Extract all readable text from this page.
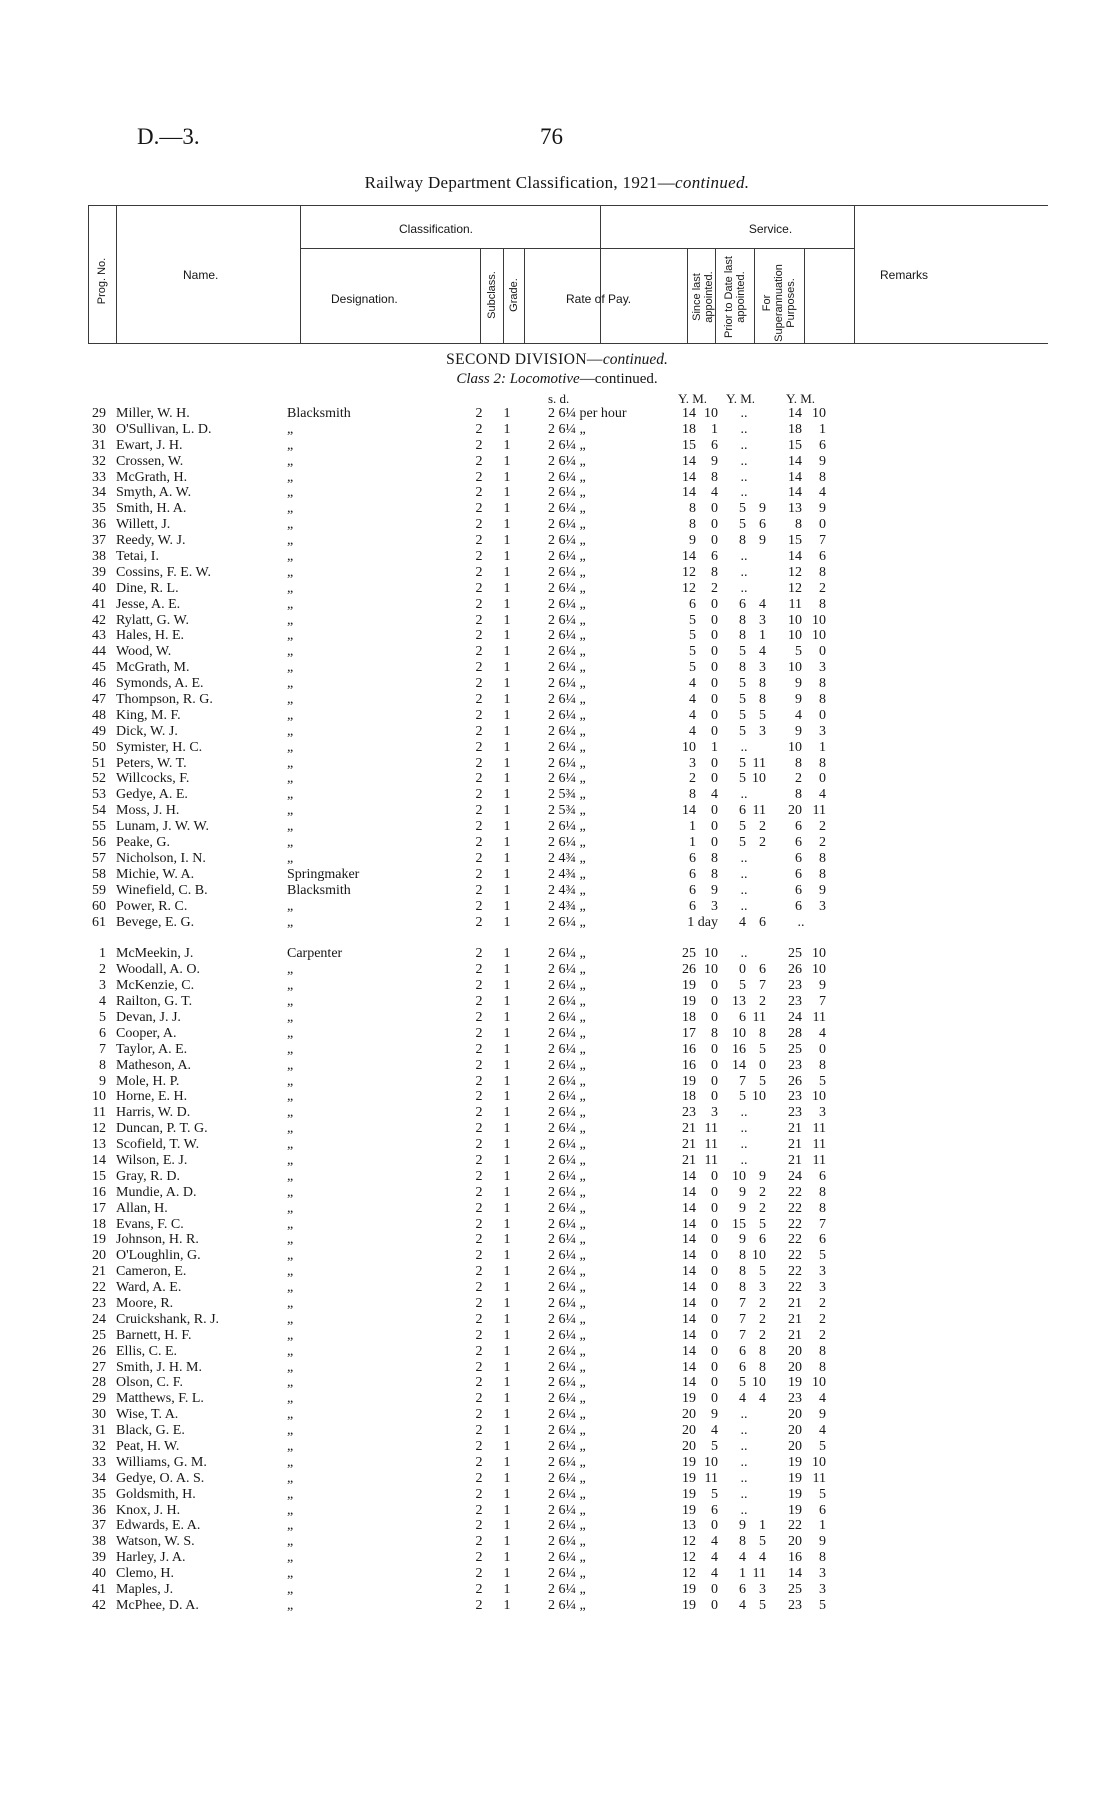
D.—3.	76
Railway Department Classification, 1921—continued.
Prog. No.	Name.
Classification.
Designation.	Subclass. Grade.	Rate of Pay.
Service.
Since last appointed. Prior to Date last appointed. For Superannuation Purposes.
Remarks
SECOND DIVISION—continued.
Class 2: Locomotive—continued.
s. d.	Y. M. Y. M. Y. M.
29 Miller, W. H.	Blacksmith	2 1	2 6¼ per hour	14 10	..	14 10
30 O'Sullivan, L. D.	„	2 1	2 6¼ „	18	1	..	18	1
31 Ewart, J. H.	„	2 1	2 6¼ „	15	6	..	15	6
32 Crossen, W.	„	2 1	2 6¼ „	14	9	..	14	9
33 McGrath, H.	„	2 1	2 6¼ „	14	8	..	14	8
34 Smyth, A. W.	„	2 1	2 6¼ „	14	4	..	14	4
35 Smith, H. A.	„	2 1	2 6¼ „	8	0	5 9	13	9
36 Willett, J.	„	2 1	2 6¼ „	8	0	5 6	8	0
37 Reedy, W. J.	„	2 1	2 6¼ „	9	0	8 9	15	7
38 Tetai, I.	„	2 1	2 6¼ „	14	6	..	14	6
39 Cossins, F. E. W.	„	2 1	2 6¼ „	12	8	..	12	8
40 Dine, R. L.	„	2 1	2 6¼ „	12	2	..	12	2
41 Jesse, A. E.	„	2 1	2 6¼ „	6	0	6 4	11	8
42 Rylatt, G. W.	„	2 1	2 6¼ „	5	0	8 3	10 10
43 Hales, H. E.	„	2 1	2 6¼ „	5	0	8 1	10 10
44 Wood, W.	„	2 1	2 6¼ „	5	0	5 4	5	0
45 McGrath, M.	„	2 1	2 6¼ „	5	0	8 3	10	3
46 Symonds, A. E.	„	2 1	2 6¼ „	4	0	5 8	9	8
47 Thompson, R. G.	„	2 1	2 6¼ „	4	0	5 8	9	8
48 King, M. F.	„	2 1	2 6¼ „	4	0	5 5	4	0
49 Dick, W. J.	„	2 1	2 6¼ „	4	0	5 3	9	3
50 Symister, H. C.	„	2 1	2 6¼ „	10	1	..	10	1
51 Peters, W. T.	„	2 1	2 6¼ „	3	0	5 11	8	8
52 Willcocks, F.	„	2 1	2 6¼ „	2	0	5 10	2	0
53 Gedye, A. E.	„	2 1	2 5¾ „	8	4	..	8	4
54 Moss, J. H.	„	2 1	2 5¾ „	14	0	6 11	20 11
55 Lunam, J. W. W.	„	2 1	2 6¼ „	1	0	5 2	6	2
56 Peake, G.	„	2 1	2 6¼ „	1	0	5 2	6	2
57 Nicholson, I. N.	„	2 1	2 4¾ „	6	8	..	6	8
58 Michie, W. A.	Springmaker	2 1	2 4¾ „	6	8	..	6	8
59 Winefield, C. B.	Blacksmith	2 1	2 4¾ „	6	9	..	6	9
60 Power, R. C.	„	2 1	2 4¾ „	6	3	..	6	3
61 Bevege, E. G.	„	2 1	2 6¼ „	1 day	4 6	..
1 McMeekin, J.	Carpenter	2 1	2 6¼ „	25 10	..	25 10
2 Woodall, A. O.	„	2 1	2 6¼ „	26 10	0 6	26 10
3 McKenzie, C.	„	2 1	2 6¼ „	19	0	5 7	23	9
4 Railton, G. T.	„	2 1	2 6¼ „	19	0	13 2	23	7
5 Devan, J. J.	„	2 1	2 6¼ „	18	0	6 11	24 11
6 Cooper, A.	„	2 1	2 6¼ „	17	8	10 8	28	4
7 Taylor, A. E.	„	2 1	2 6¼ „	16	0	16 5	25	0
8 Matheson, A.	„	2 1	2 6¼ „	16	0	14 0	23	8
9 Mole, H. P.	„	2 1	2 6¼ „	19	0	7 5	26	5
10 Horne, E. H.	„	2 1	2 6¼ „	18	0	5 10	23 10
11 Harris, W. D.	„	2 1	2 6¼ „	23	3	..	23	3
12 Duncan, P. T. G.	„	2 1	2 6¼ „	21 11	..	21 11
13 Scofield, T. W.	„	2 1	2 6¼ „	21 11	..	21 11
14 Wilson, E. J.	„	2 1	2 6¼ „	21 11	..	21 11
15 Gray, R. D.	„	2 1	2 6¼ „	14	0	10 9	24	6
16 Mundie, A. D.	„	2 1	2 6¼ „	14	0	9 2	22	8
17 Allan, H.	„	2 1	2 6¼ „	14	0	9 2	22	8
18 Evans, F. C.	„	2 1	2 6¼ „	14	0	15 5	22	7
19 Johnson, H. R.	„	2 1	2 6¼ „	14	0	9 6	22	6
20 O'Loughlin, G.	„	2 1	2 6¼ „	14	0	8 10	22	5
21 Cameron, E.	„	2 1	2 6¼ „	14	0	8 5	22	3
22 Ward, A. E.	„	2 1	2 6¼ „	14	0	8 3	22	3
23 Moore, R.	„	2 1	2 6¼ „	14	0	7 2	21	2
24 Cruickshank, R. J.	„	2 1	2 6¼ „	14	0	7 2	21	2
25 Barnett, H. F.	„	2 1	2 6¼ „	14	0	7 2	21	2
26 Ellis, C. E.	„	2 1	2 6¼ „	14	0	6 8	20	8
27 Smith, J. H. M.	„	2 1	2 6¼ „	14	0	6 8	20	8
28 Olson, C. F.	„	2 1	2 6¼ „	14	0	5 10	19 10
29 Matthews, F. L.	„	2 1	2 6¼ „	19	0	4 4	23	4
30 Wise, T. A.	„	2 1	2 6¼ „	20	9	..	20	9
31 Black, G. E.	„	2 1	2 6¼ „	20	4	..	20	4
32 Peat, H. W.	„	2 1	2 6¼ „	20	5	..	20	5
33 Williams, G. M.	„	2 1	2 6¼ „	19 10	..	19 10
34 Gedye, O. A. S.	„	2 1	2 6¼ „	19 11	..	19 11
35 Goldsmith, H.	„	2 1	2 6¼ „	19	5	..	19	5
36 Knox, J. H.	„	2 1	2 6¼ „	19	6	..	19	6
37 Edwards, E. A.	„	2 1	2 6¼ „	13	0	9 1	22	1
38 Watson, W. S.	„	2 1	2 6¼ „	12	4	8 5	20	9
39 Harley, J. A.	„	2 1	2 6¼ „	12	4	4 4	16	8
40 Clemo, H.	„	2 1	2 6¼ „	12	4	1 11	14	3
41 Maples, J.	„	2 1	2 6¼ „	19	0	6 3	25	3
42 McPhee, D. A.	„	2 1	2 6¼ „	19	0	4 5	23	5
